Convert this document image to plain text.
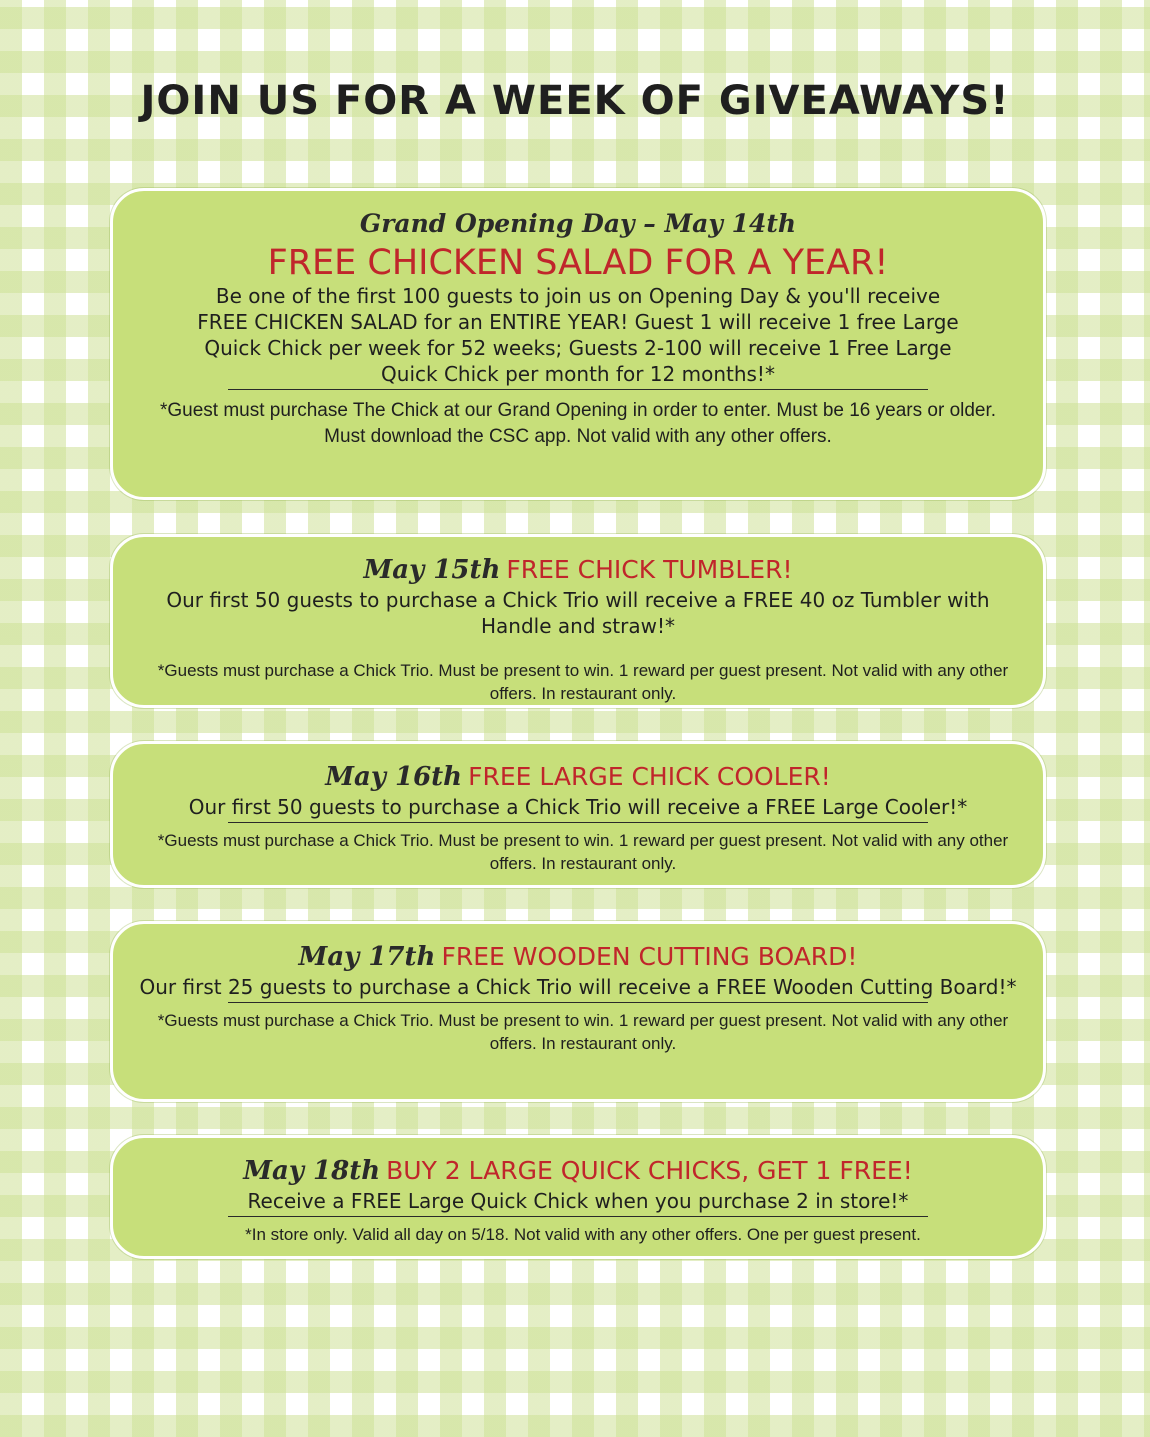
JOIN US FOR A WEEK OF GIVEAWAYS!
Grand Opening Day – May 14th
FREE CHICKEN SALAD FOR A YEAR!
Be one of the first 100 guests to join us on Opening Day & you'll receive FREE CHICKEN SALAD for an ENTIRE YEAR! Guest 1 will receive 1 free Large Quick Chick per week for 52 weeks; Guests 2-100 will receive 1 Free Large Quick Chick per month for 12 months!*
*Guest must purchase The Chick at our Grand Opening in order to enter. Must be 16 years or older. Must download the CSC app. Not valid with any other offers.
May 15th FREE CHICK TUMBLER!
Our first 50 guests to purchase a Chick Trio will receive a FREE 40 oz Tumbler with Handle and straw!*
______________________________________________________________
*Guests must purchase a Chick Trio. Must be present to win. 1 reward per guest present. Not valid with any other offers. In restaurant only.
May 16th FREE LARGE CHICK COOLER!
Our first 50 guests to purchase a Chick Trio will receive a FREE Large Cooler!*
*Guests must purchase a Chick Trio. Must be present to win. 1 reward per guest present. Not valid with any other offers. In restaurant only.
May 17th FREE WOODEN CUTTING BOARD!
Our first 25 guests to purchase a Chick Trio will receive a FREE Wooden Cutting Board!*
*Guests must purchase a Chick Trio. Must be present to win. 1 reward per guest present. Not valid with any other offers. In restaurant only.
May 18th BUY 2 LARGE QUICK CHICKS, GET 1 FREE!
Receive a FREE Large Quick Chick when you purchase 2 in store!*
*In store only. Valid all day on 5/18. Not valid with any other offers. One per guest present.
